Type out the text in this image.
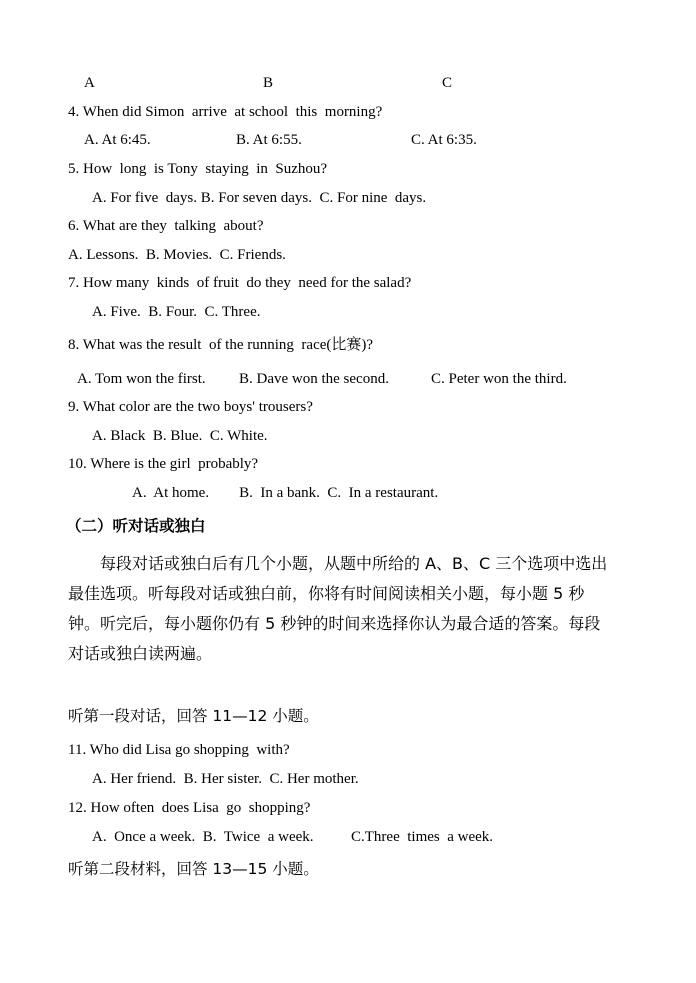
A	B	C
4. When did Simon  arrive  at school  this  morning?
A. At 6:45.	B. At 6:55.	C. At 6:35.
5. How  long  is Tony  staying  in  Suzhou?
A. For five  days. B. For seven days.  C. For nine  days.
6. What are they  talking  about?
A. Lessons.  B. Movies.  C. Friends.
7. How many  kinds  of fruit  do they  need for the salad?
A. Five.  B. Four.  C. Three.
8. What was the result  of the running  race(比赛)?
A. Tom won the first. B. Dave won the second.	C. Peter won the third.
9. What color are the two boys' trousers?
A. Black  B. Blue.  C. White.
10. Where is the girl  probably?
A.  At home.        B.  In a bank.  C.  In a restaurant.
（二）听对话或独白
每段对话或独白后有几个小题，从题中所给的 A、B、C 三个选项中选出最佳选项。听每段对话或独白前，你将有时间阅读相关小题，每小题 5 秒钟。听完后，每小题你仍有 5 秒钟的时间来选择你认为最合适的答案。每段对话或独白读两遍。
听第一段对话，回答 11—12 小题。
11. Who did Lisa go shopping  with?
A. Her friend.  B. Her sister.  C. Her mother.
12. How often  does Lisa  go  shopping?
A.  Once a week.  B.  Twice  a week.          C.Three  times  a week.
听第二段材料，回答 13—15 小题。
